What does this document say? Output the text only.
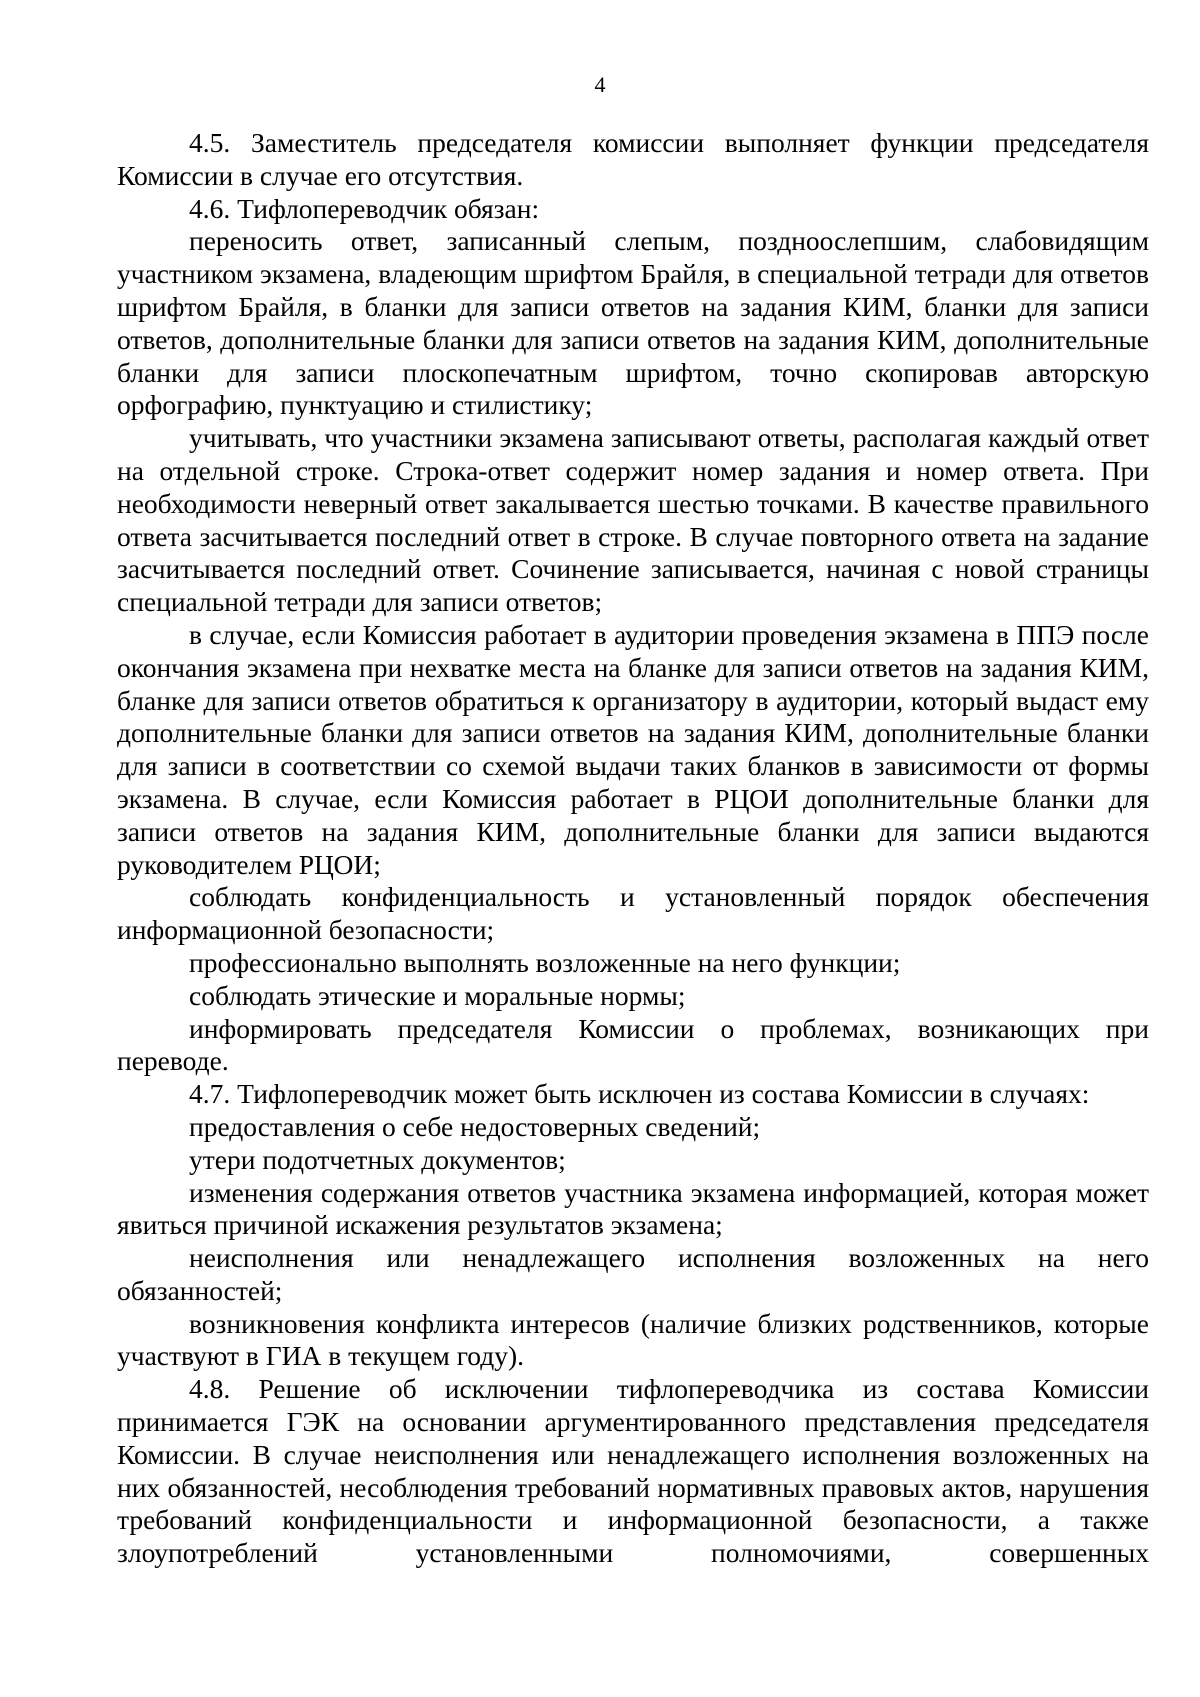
4

4.5. Заместитель председателя комиссии выполняет функции председателя Комиссии в случае его отсутствия.

4.6. Тифлопереводчик обязан:

переносить ответ, записанный слепым, поздноослепшим, слабовидящим участником экзамена, владеющим шрифтом Брайля, в специальной тетради для ответов шрифтом Брайля, в бланки для записи ответов на задания КИМ, бланки для записи ответов, дополнительные бланки для записи ответов на задания КИМ, дополнительные бланки для записи плоскопечатным шрифтом, точно скопировав авторскую орфографию, пунктуацию и стилистику;

учитывать, что участники экзамена записывают ответы, располагая каждый ответ на отдельной строке. Строка-ответ содержит номер задания и номер ответа. При необходимости неверный ответ закалывается шестью точками. В качестве правильного ответа засчитывается последний ответ в строке. В случае повторного ответа на задание засчитывается последний ответ. Сочинение записывается, начиная с новой страницы специальной тетради для записи ответов;

в случае, если Комиссия работает в аудитории проведения экзамена в ППЭ после окончания экзамена при нехватке места на бланке для записи ответов на задания КИМ, бланке для записи ответов обратиться к организатору в аудитории, который выдаст ему дополнительные бланки для записи ответов на задания КИМ, дополнительные бланки для записи в соответствии со схемой выдачи таких бланков в зависимости от формы экзамена. В случае, если Комиссия работает в РЦОИ дополнительные бланки для записи ответов на задания КИМ, дополнительные бланки для записи выдаются руководителем РЦОИ;

соблюдать конфиденциальность и установленный порядок обеспечения информационной безопасности;

профессионально выполнять возложенные на него функции;

соблюдать этические и моральные нормы;

информировать председателя Комиссии о проблемах, возникающих при переводе.

4.7. Тифлопереводчик может быть исключен из состава Комиссии в случаях:

предоставления о себе недостоверных сведений;

утери подотчетных документов;

изменения содержания ответов участника экзамена информацией, которая может явиться причиной искажения результатов экзамена;

неисполнения или ненадлежащего исполнения возложенных на него обязанностей;

возникновения конфликта интересов (наличие близких родственников, которые участвуют в ГИА в текущем году).

4.8. Решение об исключении тифлопереводчика из состава Комиссии принимается ГЭК на основании аргументированного представления председателя Комиссии. В случае неисполнения или ненадлежащего исполнения возложенных на них обязанностей, несоблюдения требований нормативных правовых актов, нарушения требований конфиденциальности и информационной безопасности, а также злоупотреблений установленными полномочиями, совершенных
